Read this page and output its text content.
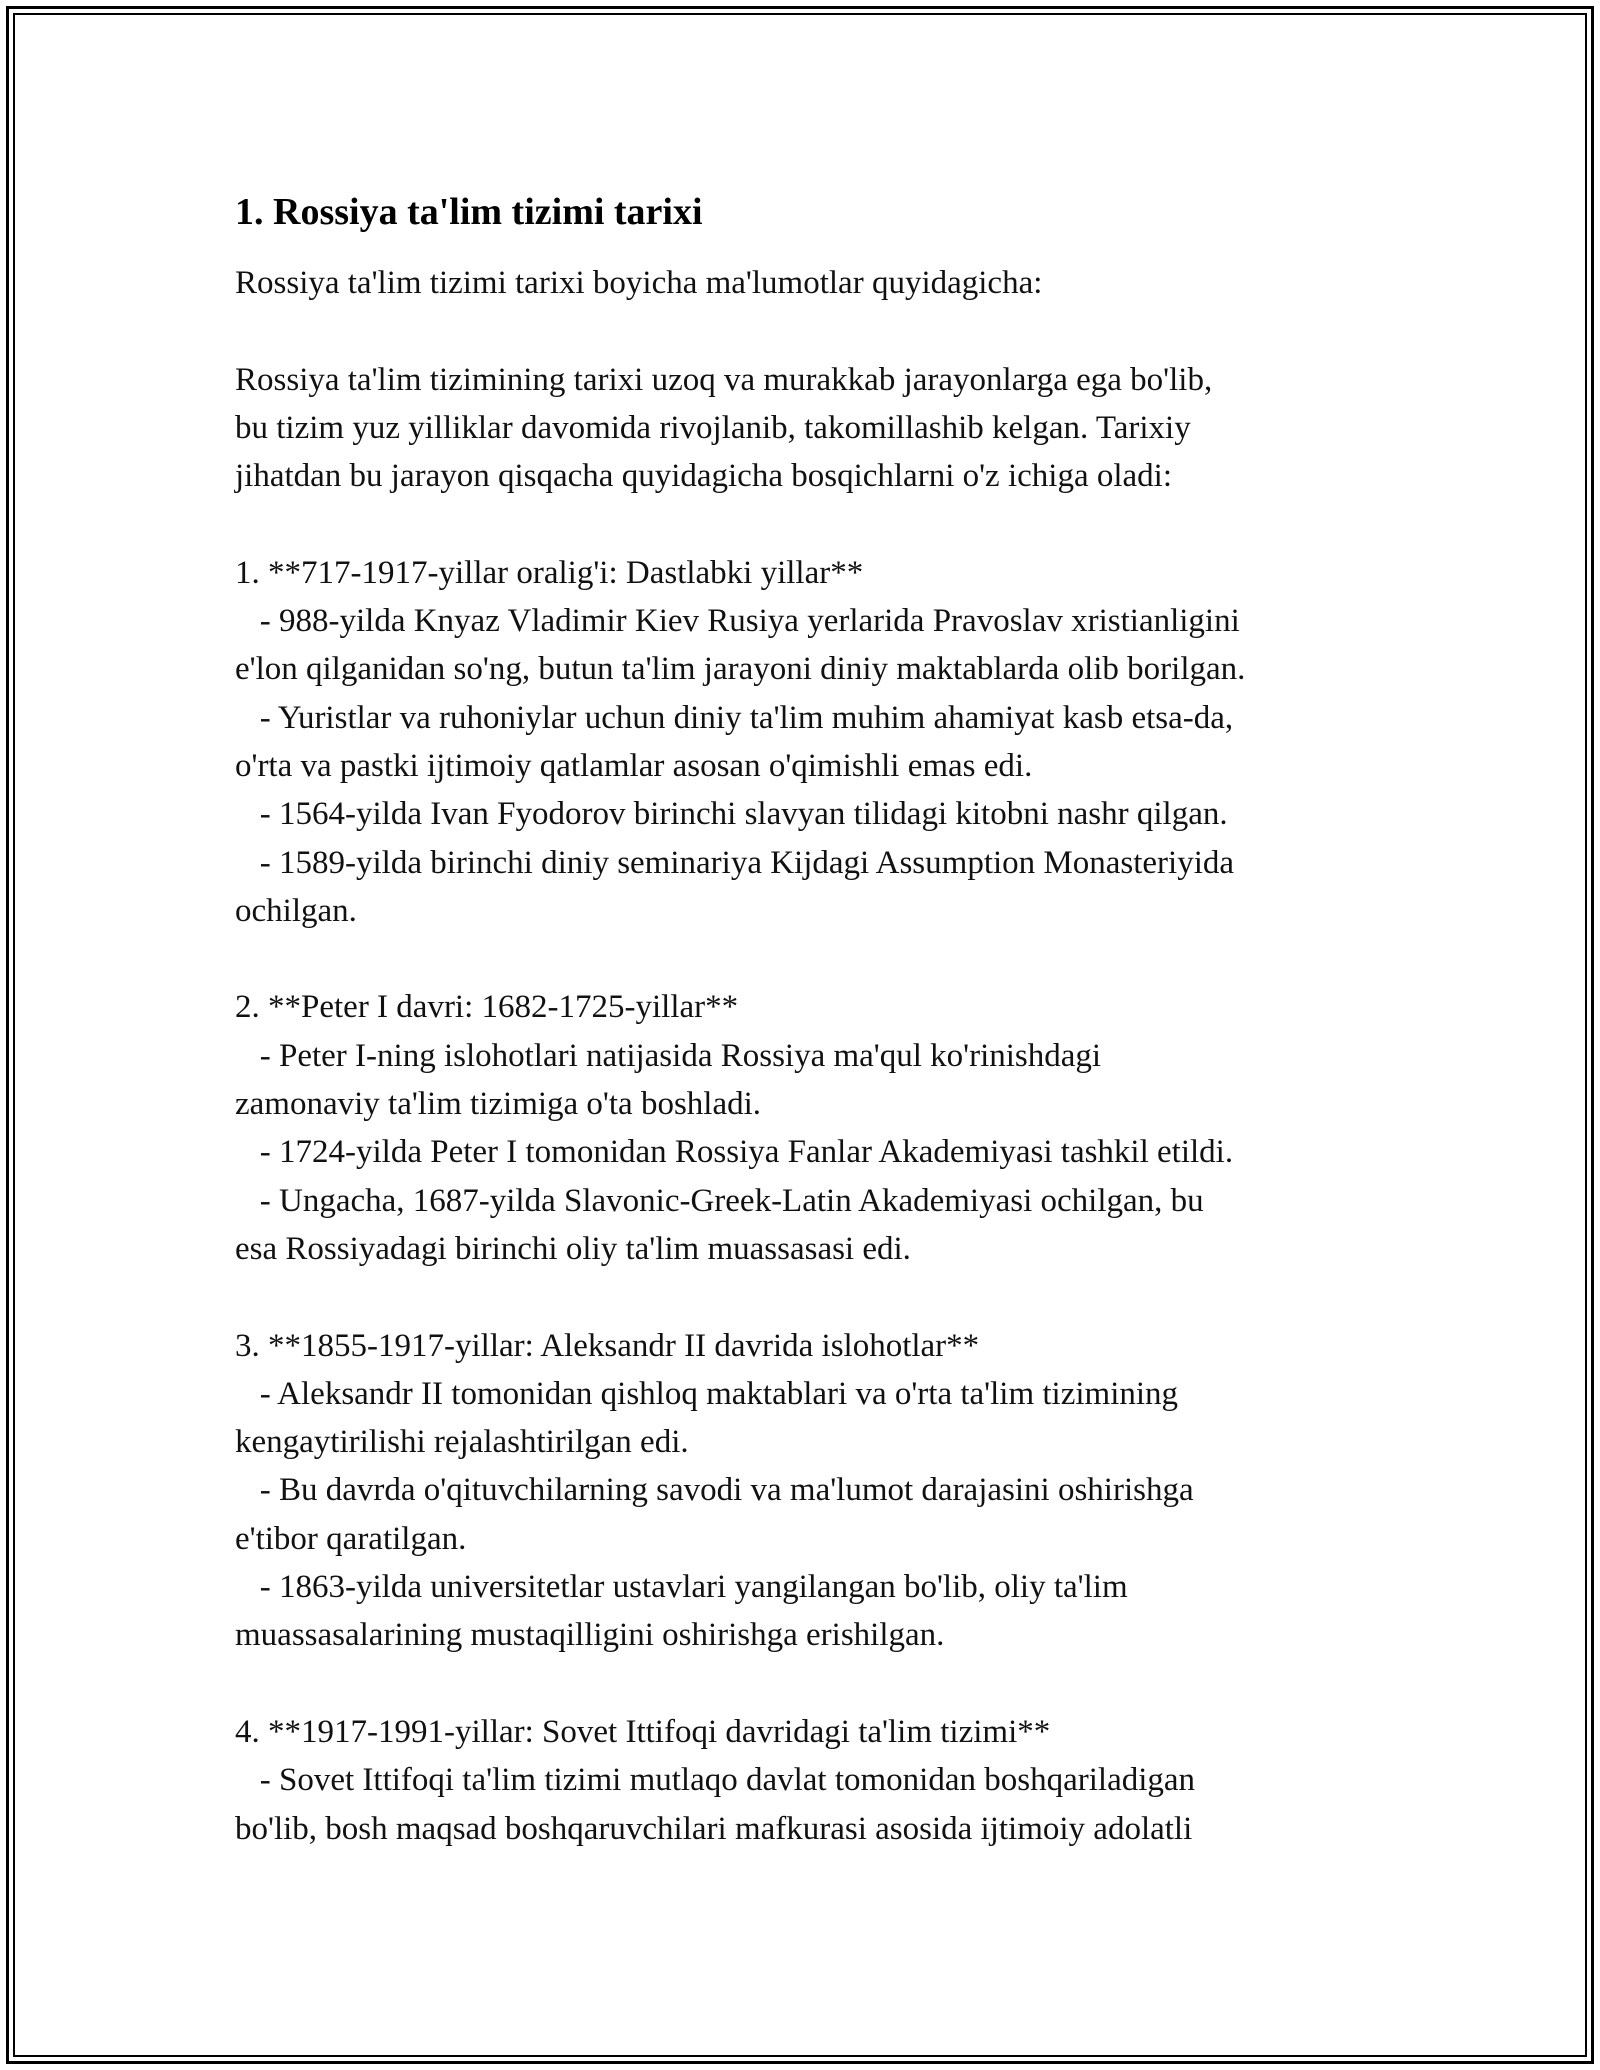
1. Rossiya ta'lim tizimi tarixi

Rossiya ta'lim tizimi tarixi boyicha ma'lumotlar quyidagicha:

Rossiya ta'lim tizimining tarixi uzoq va murakkab jarayonlarga ega bo'lib,
bu tizim yuz yilliklar davomida rivojlanib, takomillashib kelgan. Tarixiy
jihatdan bu jarayon qisqacha quyidagicha bosqichlarni o'z ichiga oladi:

1. **717-1917-yillar oralig'i: Dastlabki yillar**

- 988-yilda Knyaz Vladimir Kiev Rusiya yerlarida Pravoslav xristianligini
e'lon qilganidan so'ng, butun ta'lim jarayoni diniy maktablarda olib borilgan.
- Yuristlar va ruhoniylar uchun diniy ta'lim muhim ahamiyat kasb etsa-da,
o'rta va pastki ijtimoiy qatlamlar asosan o'qimishli emas edi.
- 1564-yilda Ivan Fyodorov birinchi slavyan tilidagi kitobni nashr qilgan.
- 1589-yilda birinchi diniy seminariya Kijdagi Assumption Monasteriyida
ochilgan.

2. **Peter I davri: 1682-1725-yillar**

- Peter I-ning islohotlari natijasida Rossiya ma'qul ko'rinishdagi
zamonaviy ta'lim tizimiga o'ta boshladi.
- 1724-yilda Peter I tomonidan Rossiya Fanlar Akademiyasi tashkil etildi.
- Ungacha, 1687-yilda Slavonic-Greek-Latin Akademiyasi ochilgan, bu
esa Rossiyadagi birinchi oliy ta'lim muassasasi edi.

3. **1855-1917-yillar: Aleksandr II davrida islohotlar**

- Aleksandr II tomonidan qishloq maktablari va o'rta ta'lim tizimining
kengaytirilishi rejalashtirilgan edi.
- Bu davrda o'qituvchilarning savodi va ma'lumot darajasini oshirishga
e'tibor qaratilgan.
- 1863-yilda universitetlar ustavlari yangilangan bo'lib, oliy ta'lim
muassasalarining mustaqilligini oshirishga erishilgan.

4. **1917-1991-yillar: Sovet Ittifoqi davridagi ta'lim tizimi**

- Sovet Ittifoqi ta'lim tizimi mutlaqo davlat tomonidan boshqariladigan
bo'lib, bosh maqsad boshqaruvchilari mafkurasi asosida ijtimoiy adolatli
